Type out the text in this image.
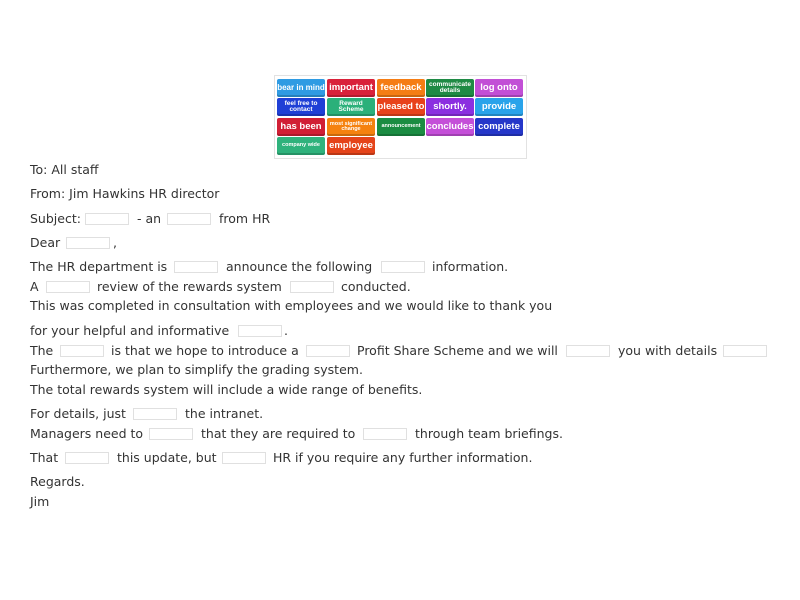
bear in mind important feedback	communicate details	log onto
feel free to contact
Reward Scheme	pleased to shortly.	provide
has been	most significant change	announcement concludes complete
company wide employee
To: All staff
From: Jim Hawkins HR director
Subject:	- an	from HR
Dear	,
The HR department is	announce the following	information.
A	review of the rewards system	conducted.
This was completed in consultation with employees and we would like to thank you
for your helpful and informative	.
The	is that we hope to introduce a	Profit Share Scheme and we will	you with details
Furthermore, we plan to simplify the grading system.
The total rewards system will include a wide range of benefits.
For details, just	the intranet.
Managers need to	that they are required to	through team briefings.
That	this update, but	HR if you require any further information.
Regards.
Jim
